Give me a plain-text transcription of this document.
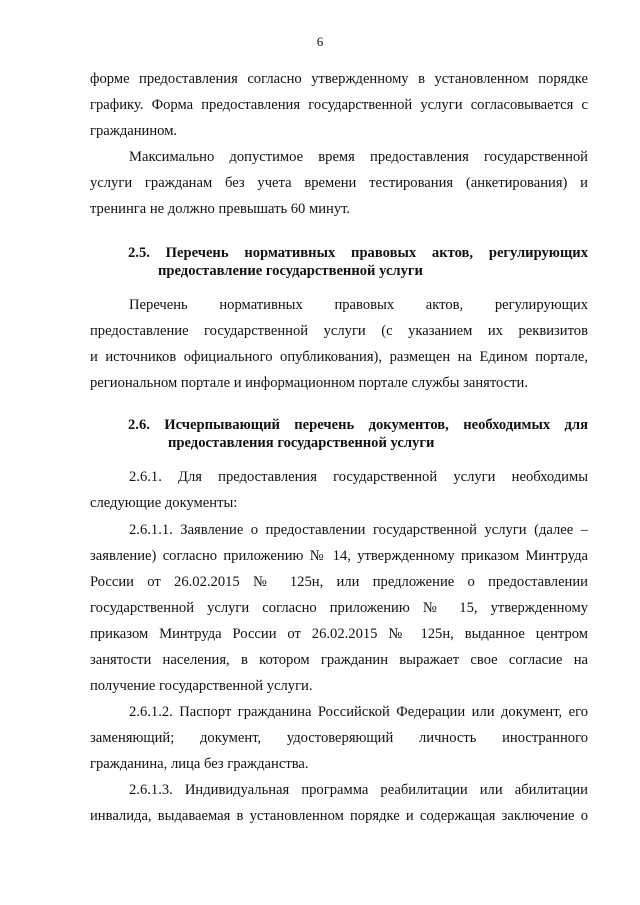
6
форме предоставления согласно утвержденному в установленном порядке
графику. Форма предоставления государственной услуги согласовывается с
гражданином.
Максимально допустимое время предоставления государственной
услуги гражданам без учета времени тестирования (анкетирования) и
тренинга не должно превышать 60 минут.
2.5. Перечень нормативных правовых актов, регулирующих
предоставление государственной услуги
Перечень нормативных правовых актов, регулирующих
предоставление государственной услуги (с указанием их реквизитов
и источников официального опубликования), размещен на Едином портале,
региональном портале и информационном портале службы занятости.
2.6. Исчерпывающий перечень документов, необходимых для
предоставления государственной услуги
2.6.1. Для предоставления государственной услуги необходимы
следующие документы:
2.6.1.1. Заявление о предоставлении государственной услуги (далее –
заявление) согласно приложению № 14, утвержденному приказом Минтруда
России от 26.02.2015 № 125н, или предложение о предоставлении
государственной услуги согласно приложению № 15, утвержденному
приказом Минтруда России от 26.02.2015 № 125н, выданное центром
занятости населения, в котором гражданин выражает свое согласие на
получение государственной услуги.
2.6.1.2. Паспорт гражданина Российской Федерации или документ, его
заменяющий; документ, удостоверяющий личность иностранного
гражданина, лица без гражданства.
2.6.1.3. Индивидуальная программа реабилитации или абилитации
инвалида, выдаваемая в установленном порядке и содержащая заключение о
